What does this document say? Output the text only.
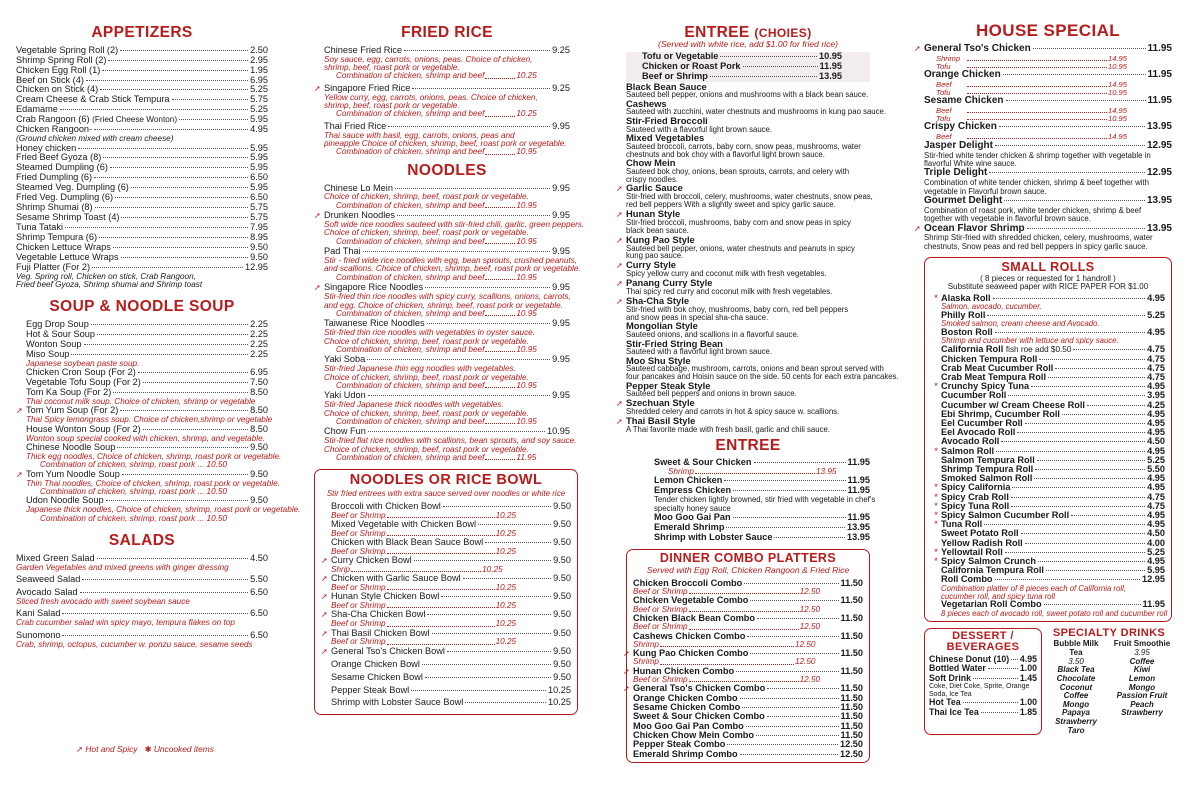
APPETIZERS
Vegetable Spring Roll (2)	2.50
Shrimp Spring Roll (2)	2.95
Chicken Egg Roll (1)	1.95
Beef on Stick (4)	6.95
Chicken on Stick (4)	5.25
Cream Cheese & Crab Stick Tempura	5.75
Edamame	5.25
Crab Rangoon (6) (Fried Cheese Wonton)	5.95
Chicken Rangoon-	4.95
(Ground chicken mixed with cream cheese)
Honey chicken	5.95
Fried Beef Gyoza (8)	5.95
Steamed Dumpling (6)	5.95
Fried Dumpling (6)	6.50
Steamed Veg. Dumpling (6)	5.95
Fried Veg. Dumpling (6)	6.50
Shrimp Shumai (8)	5.75
Sesame Shrimp Toast (4)	5.75
Tuna Tataki	7.95
Shrimp Tempura (6)	8.95
Chicken Lettuce Wraps	9.50
Vegetable Lettuce Wraps	9.50
Fuji Platter (For 2)	12.95
Veg. Spring roll, Chicken on stick, Crab Rangoon,
Fried beef Gyoza, Shrimp shumai and Shrimp toast
SOUP & NOODLE SOUP
Egg Drop Soup	2.25
Hot & Sour Soup	2.25
Wonton Soup	2.25
Miso Soup	2.25
Japanese soybean paste soup.
Chicken Cron Soup (For 2)	6.95
Vegetable Tofu Soup (For 2)	7.50
Tom Ka Soup (For 2)	8.50
Thai coconut milk soup. Choice of chicken, shrimp or vegetable
➚ Tom Yum Soup (For 2)	8.50
Thai Spicy lemongrass soup. Choice of chicken,shrimp or vegetable
House Wonton Soup (For 2)	8.50
Wonton soup special cooked with chicken, shrimp, and vegetable.
Chinese Noodle Soup	9.50
Thick egg noodles, Choice of chicken, shrimp, roast pork or vegetable.
Combination of chicken, shrimp, roast pork ... 10.50
➚ Tom Yum Noodle Soup	9.50
Thin Thai noodles, Choice of chicken, shrimp, roast pork or vegetable.
Combination of chicken, shrimp, roast pork ... 10.50
Udon Noodle Soup	9.50
Japanese thick noodles, Choice of chicken, shrimp, roast pork or vegetable.
Combination of chicken, shrimp, roast pork ... 10.50
SALADS
Mixed Green Salad	4.50
Garden Vegetables and mixed greens with ginger dressing
Seaweed Salad	5.50
Avocado Salad	6.50
Sliced fresh avocado with sweet soybean sauce
Kani Salad	6.50
Crab cucumber salad win spicy mayo, tempura flakes on top
Sunomono	6.50
Crab, shrimp, octopus, cucumber w. ponzu sauce, sesame seeds
➚ Hot and Spicy ✱ Uncooked items
FRIED RICE
Chinese Fried Rice	9.25
Soy sauce, egg, carrots, onions, peas. Choice of chicken,
shrimp, beef, roast pork or vegetable.
Combination of chicken, shrimp and beef	10.25
➚ Singapore Fried Rice	9.25
Yellow curry, egg, carrots, onions, peas. Choice of chicken,
shrimp, beef, roast pork or vegetable.
Combination of chicken, shrimp and beef	10.25
Thai Fried Rice	9.95
Thai sauce with basil, egg, carrots, onions, peas and
pineapple Choice of chicken, shrimp, beef, roast pork or vegetable.
Combination of chicken, shrimp and beef	10.95
NOODLES
Chinese Lo Mein	9.95
Choice of chicken, shrimp, beef, roast pork or vegetable.
Combination of chicken, shrimp and beef	10.95
➚ Drunken Noodles	9.95
Soft wide rice noodles sauteed with stir-fried chili, garlic, green peppers.
Choice of chicken, shrimp, beef, roast pork or vegetable.
Combination of chicken, shrimp and beef	10.95
Pad Thai	9.95
Stir - fried wide rice noodles with egg, bean sprouts, crushed peanuts,
and scallions. Choice of chicken, shrimp, beef, roast pork or vegetable.
Combination of chicken, shrimp and beef	10.95
➚ Singapore Rice Noodles	9.95
Stir-fried thin rice noodles with spicy curry, scallions, onions, carrots,
and egg. Choice of chicken, shrimp, beef, roast pork or vegetable.
Combination of chicken, shrimp and beef	10.95
Taiwanese Rice Noodles	9.95
Stir-fried thin rice noodles with vegetables in oyster sauce.
Choice of chicken, shrimp, beef, roast pork or vegetable.
Combination of chicken, shrimp and beef	10.95
Yaki Soba	9.95
Stir-fried Japanese thin egg noodles with vegetables.
Choice of chicken, shrimp, beef, roast pork or vegetable.
Combination of chicken, shrimp and beef	10.95
Yaki Udon	9.95
Stir-fried Japanese thick noodles with vegetables.
Choice of chicken, shrimp, beef, roast pork or vegetable.
Combination of chicken, shrimp and beef	10.95
Chow Fun	10.95
Stir-fried flat rice noodles with scallions, bean sprouts, and soy sauce.
Choice of chicken, shrimp, beef, roast pork or vegetable.
Combination of chicken, shrimp and beef	11.95
NOODLES OR RICE BOWL
Stir fried entrees with extra sauce served over noodles or white rice
Broccoli with Chicken Bowl	9.50
Beef or Shrimp	10.25
Mixed Vegetable with Chicken Bowl	9.50
Beef or Shrimp	10.25
Chicken with Black Bean Sauce Bowl	9.50
Beef or Shrimp	10.25
➚ Curry Chicken Bowl	9.50
Shrip	10.25
➚ Chicken with Garlic Sauce Bowl	9.50
Beef or Shrimp	10.25
➚ Hunan Style Chicken Bowl	9.50
Beef or Shrimp	10.25
➚ Sha-Cha Chicken Bowl	9.50
Beef or Shrimp	10.25
➚ Thai Basil Chicken Bowl	9.50
Beef or Shrimp	10.25
➚ General Tso's Chicken Bowl	9.50
Orange Chicken Bowl	9.50
Sesame Chicken Bowl	9.50
Pepper Steak Bowl	10.25
Shrimp with Lobster Sauce Bowl	10.25
ENTREE (CHOIES)
(Served with white rice, add $1.00 for fried rice)
Tofu or Vegetable	10.95
Chicken or Roast Pork	11.95
Beef or Shrimp	13.95
Black Bean Sauce
Sauteed bell pepper, onions and mushrooms with a black bean sauce.
Cashews
Sauteed with zucchini, water chestnuts and mushrooms in kung pao sauce.
Stir-Fried Broccoli
Sauteed with a flavorful light brown sauce.
Mixed Vegetables
Sauteed broccoli, carrots, baby corn, snow peas, mushrooms, water
chestnuts and bok choy with a flavorful light brown sauce.
Chow Mein
Sauteed bok choy, onions, bean sprouts, carrots, and celery with
crispy noodles.
➚ Garlic Sauce
Stir-fried with broccoli, celery, mushrooms, water chestnuts, snow peas,
red bell peppers With a slightly sweet and spicy garlic sauce.
➚ Hunan Style
Stir-fried broccoli, mushrooms, baby corn and snow peas in spicy
black bean sauce.
➚ Kung Pao Style
Sauteed bell pepper, onions, water chestnuts and peanuts in spicy
kung pao sauce.
➚ Curry Style
Spicy yellow curry and coconut milk with fresh vegetables.
➚ Panang Curry Style
Thai spicy red curry and coconut milk with fresh vegetables.
➚ Sha-Cha Style
Stir-fried with bok choy, mushrooms, baby corn, red bell peppers
and snow peas in special sha-cha sauce.
Mongolian Style
Sauteed onions, and scallions in a flavorful sauce.
Stir-Fried String Bean
Sauteed with a flavorful light brown sauce.
Moo Shu Style
Sauteed cabbage, mushroom, carrots, onions and bean sprout served with
four pancakes and Hoisin sauce on the side. 50 cents for each extra pancakes.
Pepper Steak Style
Sauteed bell peppers and onions in brown sauce.
➚ Szechuan Style
Shredded celery and carrots in hot & spicy sauce w. scallions.
➚ Thai Basil Style
A Thai favorite made with fresh basil, garlic and chili sauce.
ENTREE
Sweet & Sour Chicken	11.95
Shrimp	13.95
Lemon Chicken	11.95
Empress Chicken	11.95
Tender chicken lightly browned, stir fried with vegetable in chef's
specialty honey sauce
Moo Goo Gai Pan	11.95
Emerald Shrimp	13.95
Shrimp with Lobster Sauce	13.95
DINNER COMBO PLATTERS
Served with Egg Roll, Chicken Rangoon & Fried Rice
Chicken Broccoli Combo	11.50
Beef or Shrimp	12.50
Chicken Vegetable Combo	11.50
Beef or Shrimp	12.50
Chicken Black Bean Combo	11.50
Beef or Shrimp	12.50
Cashews Chicken Combo	11.50
Shrimp	12.50
➚ Kung Pao Chicken Combo	11.50
Shrimp	12.50
➚ Hunan Chicken Combo	11.50
Beef or Shrimp	12.50
➚ General Tso's Chicken Combo	11.50
Orange Chicken Combo	11.50
Sesame Chicken Combo	11.50
Sweet & Sour Chicken Combo	11.50
Moo Goo Gai Pan Combo	11.50
Chicken Chow Mein Combo	11.50
Pepper Steak Combo	12.50
Emerald Shrimp Combo	12.50
HOUSE SPECIAL
➚ General Tso's Chicken	11.95
Shrimp	14.95
Tofu	10.95
Orange Chicken	11.95
Beef	14.95
Tofu	10.95
Sesame Chicken	11.95
Beef	14.95
Tofu	10.95
Crispy Chicken	13.95
Beef	14.95
Jasper Delight	12.95
Stir-fried white tender chicken & shrimp together with vegetable in
flavorful White wine sauce.
Triple Delight	12.95
Combination of white tender chicken, shrimp & beef together with
vegetable in Flavorful brown sauce.
Gourmet Delight	13.95
Combination of roast pork, white tender chicken, shrimp & beef
together with vegetable in flavorful brown sauce.
➚ Ocean Flavor Shrimp	13.95
Shrimp Stir-fried with shredded chicken, celery, mushrooms, water
chestnuts, Snow peas and red bell peppers in spicy garlic sauce.
SMALL ROLLS
( 8 pieces or requested for 1 handroll )
Substitute seaweed paper with RICE PAPER FOR $1.00
* Alaska Roll	4.95
Salmon, avocado, cucumber.
Philly Roll	5.25
Smoked salmon, cream cheese and Avocado.
Boston Roll	4.95
Shrimp and cucumber with lettuce and spicy sauce.
California Roll fish roe add $0.50	4.75
Chicken Tempura Roll	4.75
Crab Meat Cucumber Roll	4.75
Crab Meat Tempura Roll	4.75
* Crunchy Spicy Tuna	4.95
Cucumber Roll	3.95
Cucumber w/ Cream Cheese Roll	4.25
Ebi Shrimp, Cucumber Roll	4.95
Eel Cucumber Roll	4.95
Eel Avocado Roll	4.95
Avocado Roll	4.50
* Salmon Roll	4.95
Salmon Tempura Roll	5.25
Shrimp Tempura Roll	5.50
Smoked Salmon Roll	4.95
* Spicy California	4.95
* Spicy Crab Roll	4.75
* Spicy Tuna Roll	4.75
* Spicy Salmon Cucumber Roll	4.95
* Tuna Roll	4.95
Sweet Potato Roll	4.50
Yellow Radish Roll	4.00
* Yellowtail Roll	5.25
* Spicy Salmon Crunch	4.95
California Tempura Roll	5.95
Roll Combo	12.95
Combination platter of 8 pieces each of California roll,
cucumber roll, and spicy tuna roll
Vegetarian Roll Combo	11.95
8 pieces each of avocado roll, sweet potato roll and cucumber roll
DESSERT /
BEVERAGES
Chinese Donut (10) 4.95
Bottled Water	1.00
Soft Drink	1.45
Coke, Diet Coke, Sprite, Orange
Soda, Ice Tea
Hot Tea	1.00
Thai Ice Tea	1.85
SPECIALTY DRINKS
Bubble Milk Tea
3.50
Black Tea
Chocolate
Coconut
Coffee
Mongo
Papaya
Strawberry
Taro
Fruit Smoothie
3.95
Coffee
Kiwi
Lemon
Mongo
Passion Fruit
Peach
Strawberry
